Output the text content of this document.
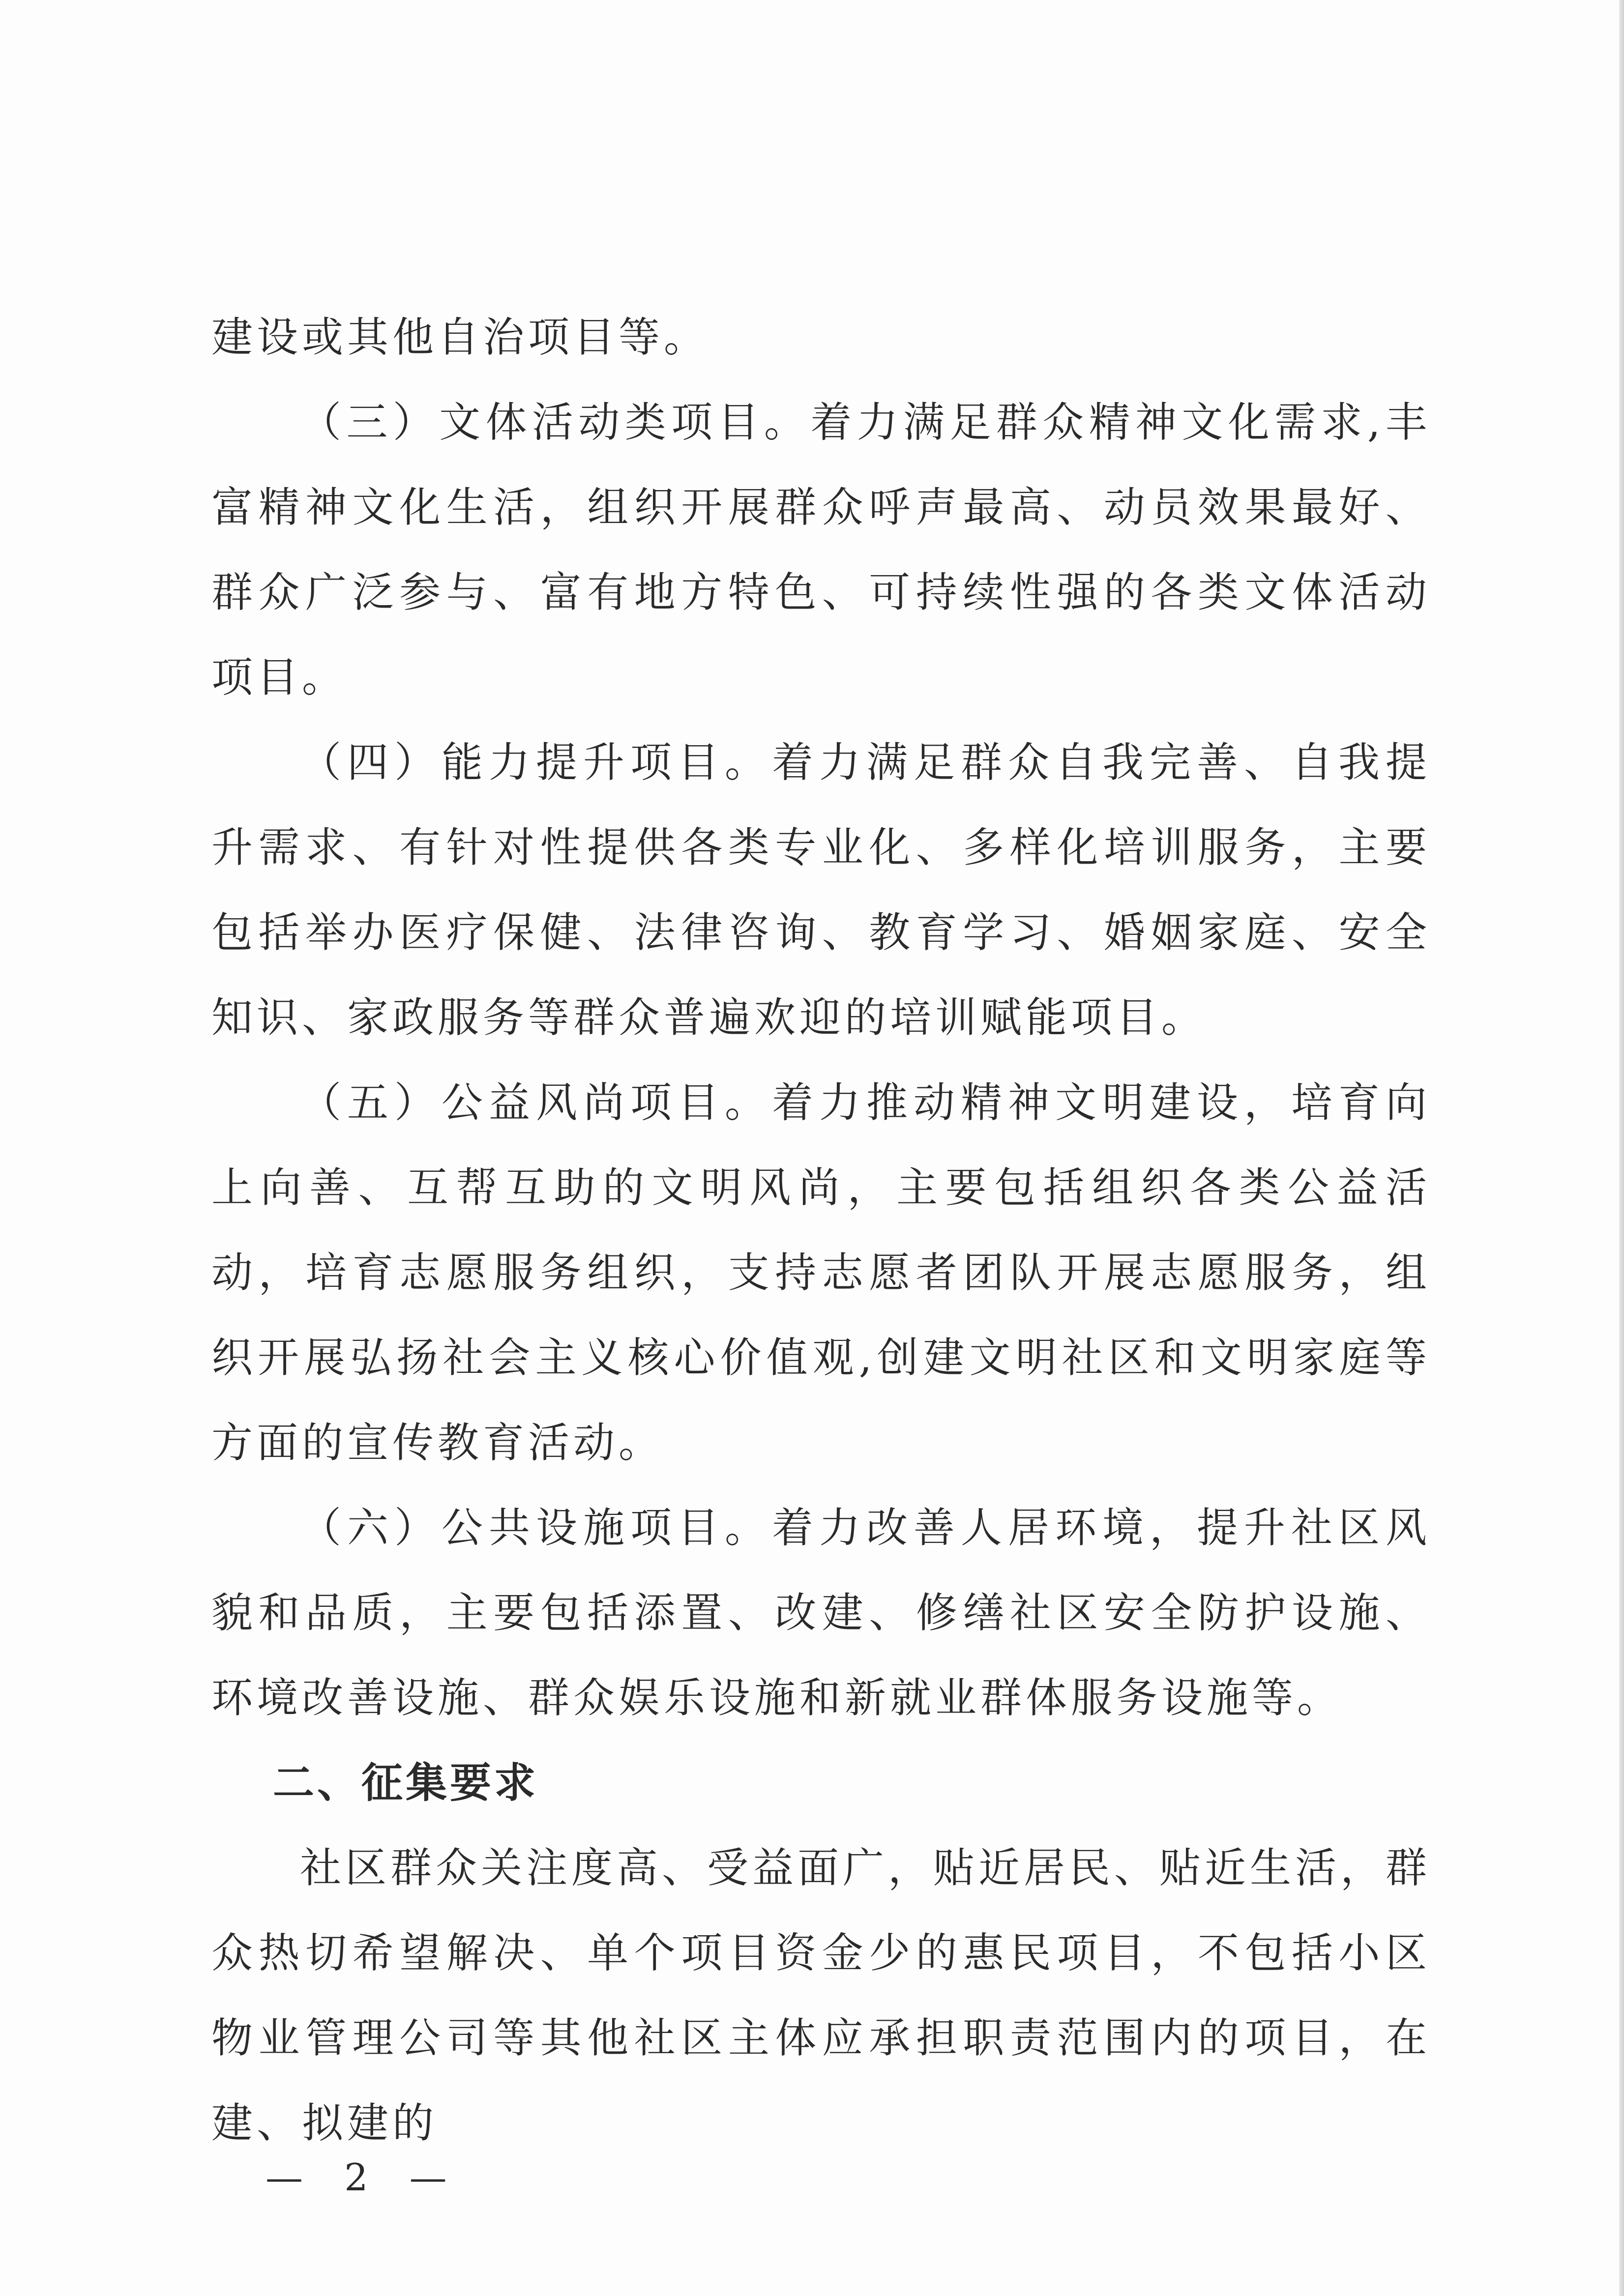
建设或其他自治项目等。

（三）文体活动类项目。着力满足群众精神文化需求,丰富精神文化生活，组织开展群众呼声最高、动员效果最好、群众广泛参与、富有地方特色、可持续性强的各类文体活动项目。

（四）能力提升项目。着力满足群众自我完善、自我提升需求、有针对性提供各类专业化、多样化培训服务，主要包括举办医疗保健、法律咨询、教育学习、婚姻家庭、安全知识、家政服务等群众普遍欢迎的培训赋能项目。

（五）公益风尚项目。着力推动精神文明建设，培育向上向善、互帮互助的文明风尚，主要包括组织各类公益活动，培育志愿服务组织，支持志愿者团队开展志愿服务，组织开展弘扬社会主义核心价值观,创建文明社区和文明家庭等方面的宣传教育活动。

（六）公共设施项目。着力改善人居环境，提升社区风貌和品质，主要包括添置、改建、修缮社区安全防护设施、环境改善设施、群众娱乐设施和新就业群体服务设施等。

二、征集要求

社区群众关注度高、受益面广，贴近居民、贴近生活，群众热切希望解决、单个项目资金少的惠民项目，不包括小区物业管理公司等其他社区主体应承担职责范围内的项目，在建、拟建的

— 2 —
